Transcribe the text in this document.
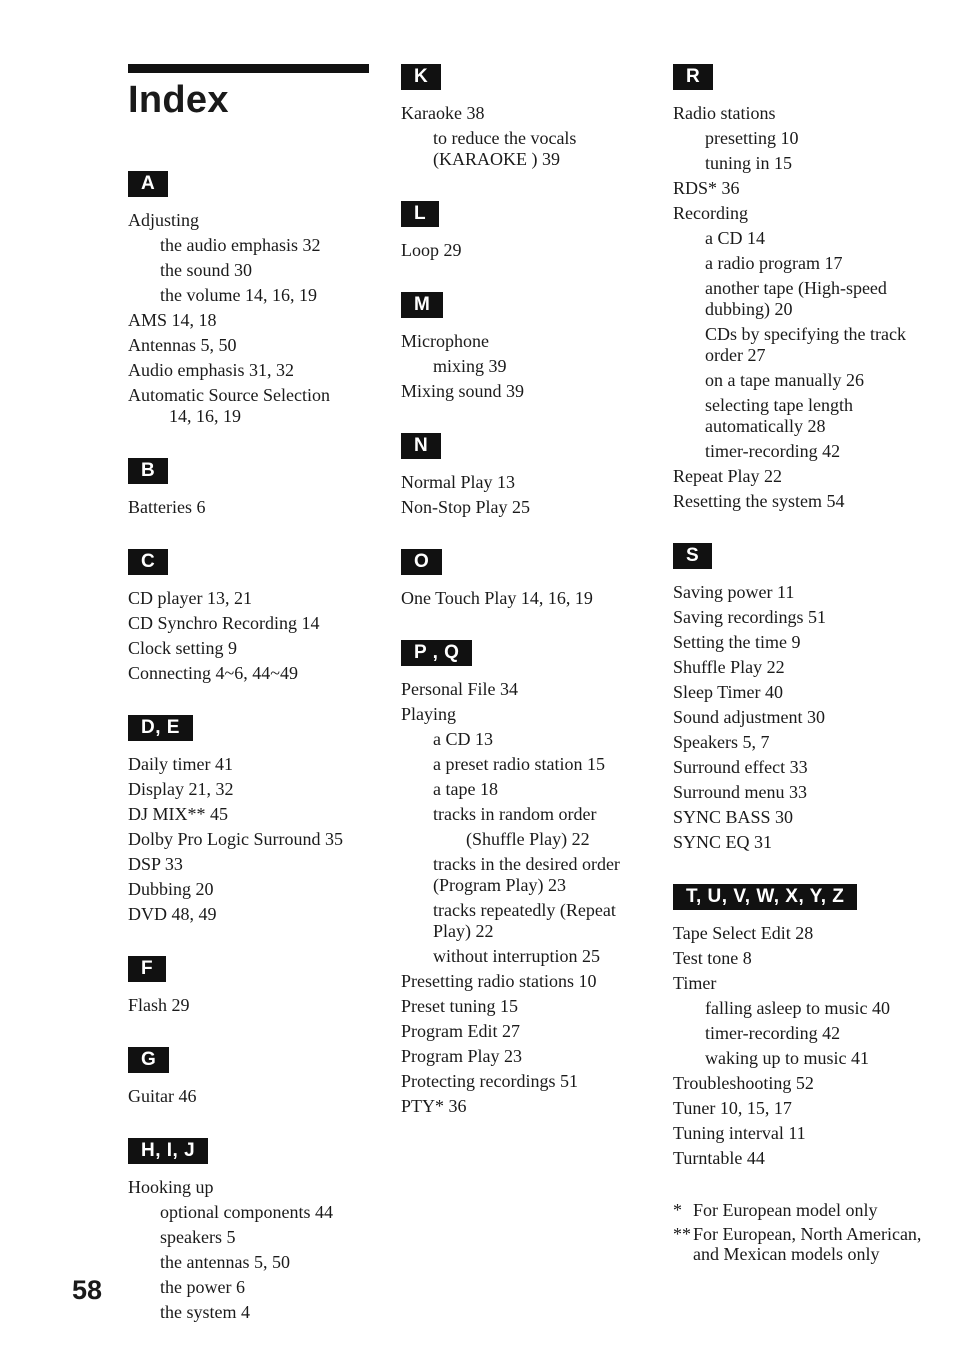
Index
A
Adjusting
the audio emphasis 32
the sound 30
the volume 14, 16, 19
AMS 14, 18
Antennas 5, 50
Audio emphasis 31, 32
Automatic Source Selection
14, 16, 19
B
Batteries 6
C
CD player 13, 21
CD Synchro Recording 14
Clock setting 9
Connecting 4~6, 44~49
D, E
Daily timer 41
Display 21, 32
DJ MIX** 45
Dolby Pro Logic Surround 35
DSP 33
Dubbing 20
DVD 48, 49
F
Flash 29
G
Guitar 46
H, I, J
Hooking up
optional components 44
speakers 5
the antennas 5, 50
the power 6
the system 4
K
Karaoke 38
to reduce the vocals (KARAOKE ) 39
L
Loop 29
M
Microphone
mixing 39
Mixing sound 39
N
Normal Play 13
Non-Stop Play 25
O
One Touch Play 14, 16, 19
P , Q
Personal File 34
Playing
a CD 13
a preset radio station 15
a tape 18
tracks in random order
(Shuffle Play) 22
tracks in the desired order (Program Play) 23
tracks repeatedly (Repeat Play) 22
without interruption 25
Presetting radio stations 10
Preset tuning 15
Program Edit 27
Program Play 23
Protecting recordings 51
PTY* 36
R
Radio stations
presetting 10
tuning in 15
RDS* 36
Recording
a CD 14
a radio program 17
another tape (High-speed dubbing) 20
CDs by specifying the track order 27
on a tape manually 26
selecting tape length automatically 28
timer-recording 42
Repeat Play 22
Resetting the system 54
S
Saving power 11
Saving recordings 51
Setting the time 9
Shuffle Play 22
Sleep Timer 40
Sound adjustment 30
Speakers 5, 7
Surround effect 33
Surround menu 33
SYNC BASS 30
SYNC EQ 31
T, U, V, W, X, Y, Z
Tape Select Edit 28
Test tone 8
Timer
falling asleep to music 40
timer-recording 42
waking up to music 41
Troubleshooting 52
Tuner 10, 15, 17
Tuning interval 11
Turntable 44
* For European model only
** For European, North American, and Mexican models only
58
